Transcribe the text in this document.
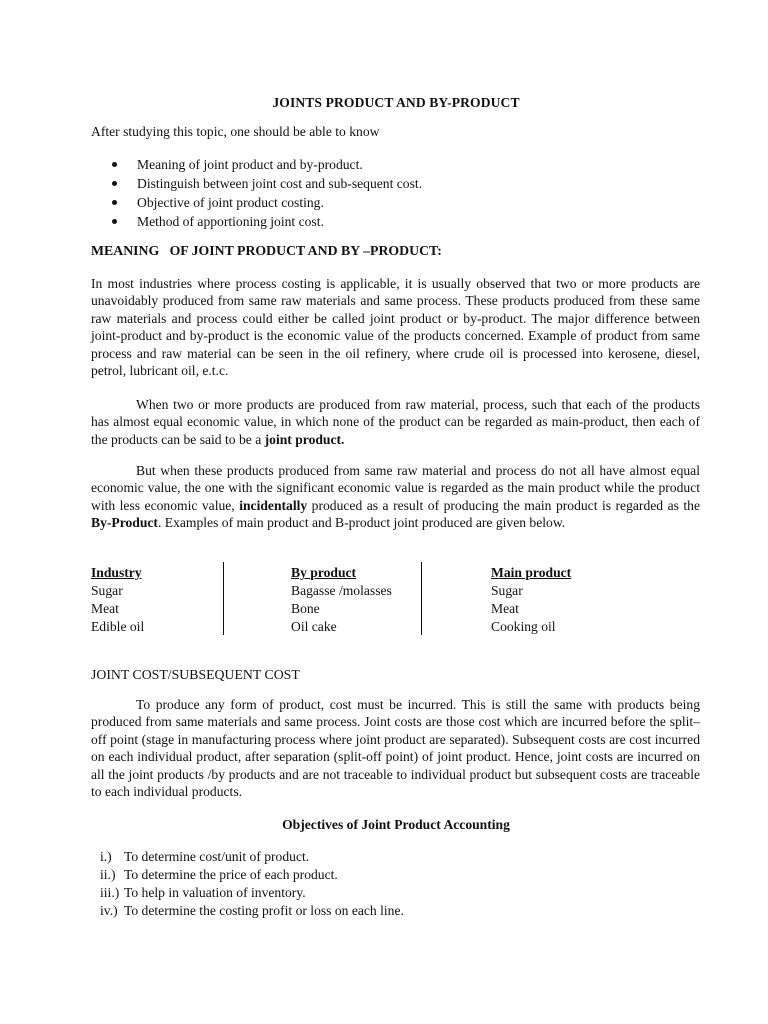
JOINTS PRODUCT AND BY-PRODUCT

After studying this topic, one should be able to know

Meaning of joint product and by-product.
Distinguish between joint cost and sub-sequent cost.
Objective of joint product costing.
Method of apportioning joint cost.

MEANING   OF JOINT PRODUCT AND BY –PRODUCT:

In most industries where process costing is applicable, it is usually observed that two or more products are unavoidably produced from same raw materials and same process. These products produced from these same raw materials and process could either be called joint product or by-product. The major difference between joint-product and by-product is the economic value of the products concerned. Example of product from same process and raw material can be seen in the oil refinery, where crude oil is processed into kerosene, diesel, petrol, lubricant oil, e.t.c.

When two or more products are produced from raw material, process, such that each of the products has almost equal economic value, in which none of the product can be regarded as main-product, then each of the products can be said to be a joint product.

But when these products produced from same raw material and process do not all have almost equal economic value, the one with the significant economic value is regarded as the main product while the product with less economic value, incidentally produced as a result of producing the main product is regarded as the By-Product. Examples of main product and B-product joint produced are given below.

Industry
Sugar
Meat
Edible oil
By product
Bagasse /molasses
Bone
Oil cake
Main product
Sugar
Meat
Cooking oil

JOINT COST/SUBSEQUENT COST

To produce any form of product, cost must be incurred. This is still the same with products being produced from same materials and same process. Joint costs are those cost which are incurred before the split–off point (stage in manufacturing process where joint product are separated). Subsequent costs are cost incurred on each individual product, after separation (split-off point) of joint product. Hence, joint costs are incurred on all the joint products /by products and are not traceable to individual product but subsequent costs are traceable to each individual products.

Objectives of Joint Product Accounting

i.) To determine cost/unit of product.
ii.) To determine the price of each product.
iii.) To help in valuation of inventory.
iv.) To determine the costing profit or loss on each line.
